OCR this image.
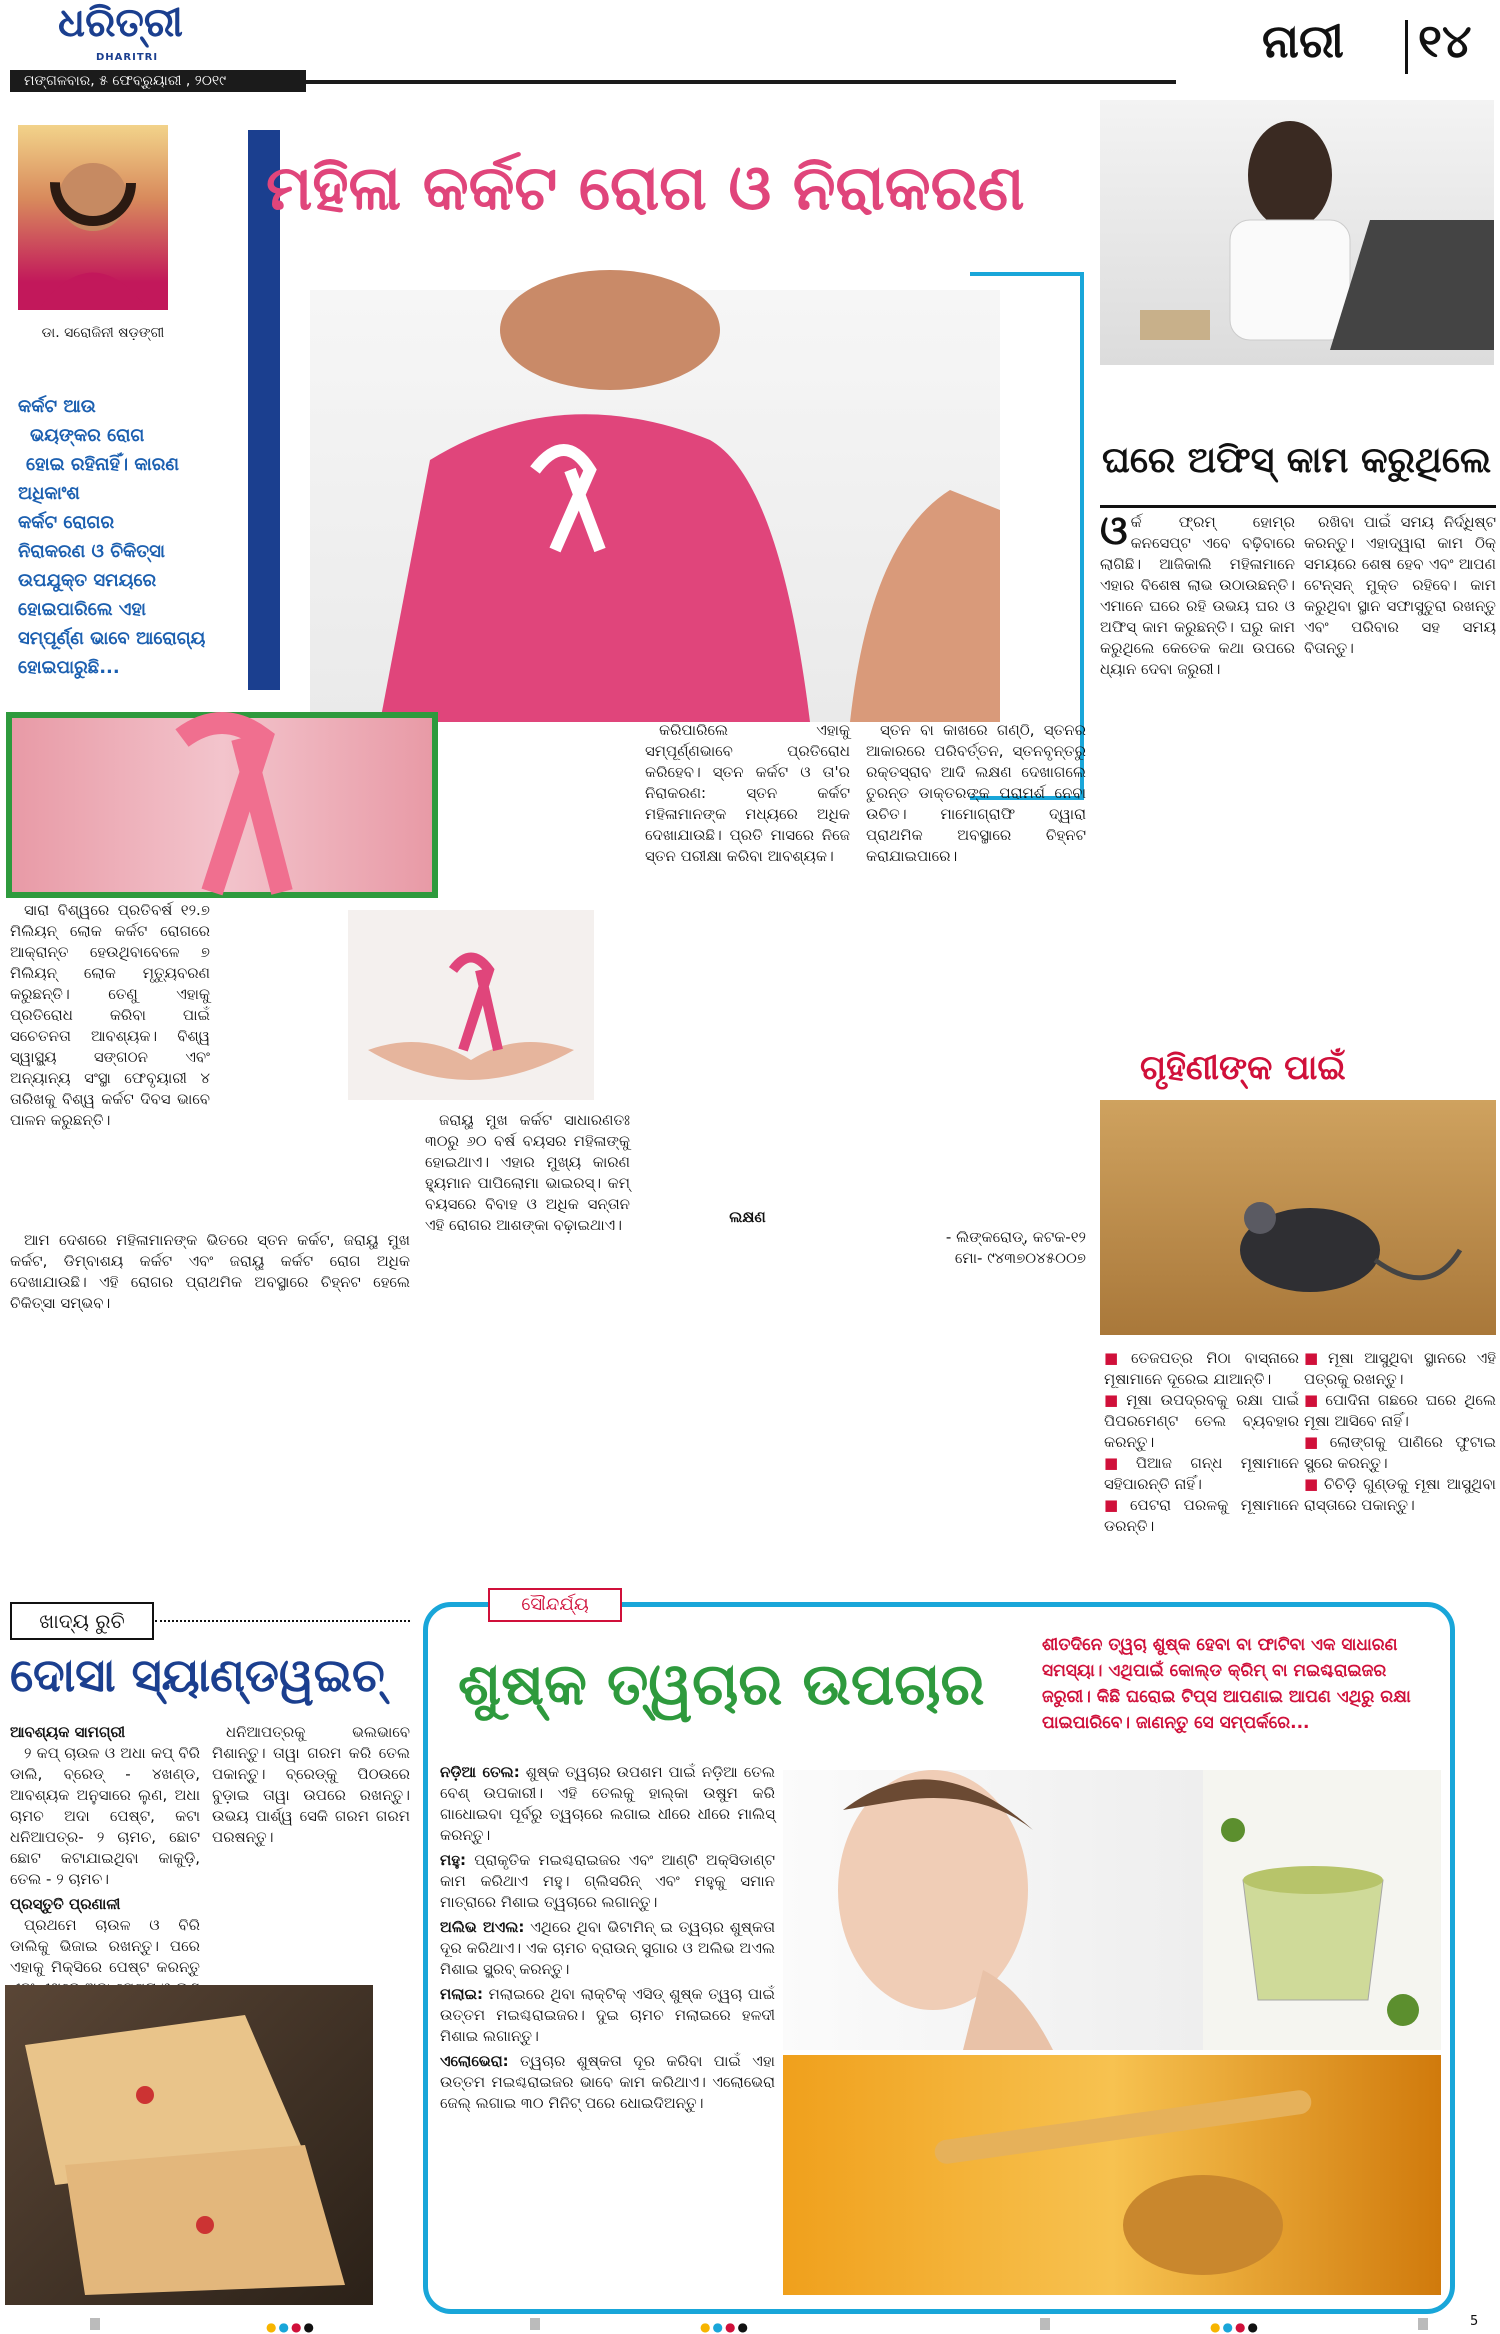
ଧରିତ୍ରୀ
DHARITRI
ମଙ୍ଗଳବାର, ୫ ଫେବ୍ରୁୟାରୀ , ୨୦୧୯
ନାରୀ ୧୪
ଡା. ସରୋଜିନୀ ଷଡ଼ଙ୍ଗୀ
କର୍କଟ ଆଉ
ଭୟଙ୍କର ରୋଗ
ହୋଇ ରହିନାହିଁ। କାରଣ
ଅଧିକାଂଶ
କର୍କଟ ରୋଗର
ନିରାକରଣ ଓ ଚିକିତ୍ସା
ଉପଯୁକ୍ତ ସମୟରେ
ହୋଇପାରିଲେ ଏହା
ସମ୍ପୂର୍ଣ୍ଣ ଭାବେ ଆରୋଗ୍ୟ
ହୋଇପାରୁଛି...
ମହିଳା କର୍କଟ ରୋଗ ଓ ନିରାକରଣ

ସାରା ବିଶ୍ୱରେ ପ୍ରତିବର୍ଷ ୧୨.୭ ମିଲିୟନ୍ ଲୋକ କର୍କଟ ରୋଗରେ ଆକ୍ରାନ୍ତ ହେଉଥିବାବେଳେ ୭ ମିଲିୟନ୍ ଲୋକ ମୃତ୍ୟୁବରଣ କରୁଛନ୍ତି। ତେଣୁ ଏହାକୁ ପ୍ରତିରୋଧ କରିବା ପାଇଁ ସଚେତନତା ଆବଶ୍ୟକ। ବିଶ୍ୱ ସ୍ୱାସ୍ଥ୍ୟ ସଙ୍ଗଠନ ଏବଂ ଅନ୍ୟାନ୍ୟ ସଂସ୍ଥା ଫେବୃୟାରୀ ୪ ତାରିଖକୁ ବିଶ୍ୱ କର୍କଟ ଦିବସ ଭାବେ ପାଳନ କରୁଛନ୍ତି।

ଆମ ଦେଶରେ ମହିଳାମାନଙ୍କ ଭିତରେ ସ୍ତନ କର୍କଟ, ଜରାୟୁ ମୁଖ କର୍କଟ, ଡିମ୍ବାଶୟ କର୍କଟ ଏବଂ ଜରାୟୁ କର୍କଟ ରୋଗ ଅଧିକ ଦେଖାଯାଉଛି। ଏହି ରୋଗର ପ୍ରାଥମିକ ଅବସ୍ଥାରେ ଚିହ୍ନଟ ହେଲେ ଚିକିତ୍ସା ସମ୍ଭବ।

ଜରାୟୁ ମୁଖ କର୍କଟ ସାଧାରଣତଃ ୩୦ରୁ ୬୦ ବର୍ଷ ବୟସର ମହିଳାଙ୍କୁ ହୋଇଥାଏ। ଏହାର ମୁଖ୍ୟ କାରଣ ହ୍ୟୁମାନ ପାପିଲୋମା ଭାଇରସ୍। କମ୍ ବୟସରେ ବିବାହ ଓ ଅଧିକ ସନ୍ତାନ ଏହି ରୋଗର ଆଶଙ୍କା ବଢ଼ାଇଥାଏ।

କରିପାରିଲେ ଏହାକୁ ସମ୍ପୂର୍ଣ୍ଣଭାବେ ପ୍ରତିରୋଧ କରିହେବ। ସ୍ତନ କର୍କଟ ଓ ତା'ର ନିରାକରଣ: ସ୍ତନ କର୍କଟ ମହିଳାମାନଙ୍କ ମଧ୍ୟରେ ଅଧିକ ଦେଖାଯାଉଛି। ପ୍ରତି ମାସରେ ନିଜେ ସ୍ତନ ପରୀକ୍ଷା କରିବା ଆବଶ୍ୟକ।

ଲକ୍ଷଣ

ସ୍ତନ ବା କାଖରେ ଗଣ୍ଠି, ସ୍ତନର ଆକାରରେ ପରିବର୍ତ୍ତନ, ସ୍ତନବୃନ୍ତରୁ ରକ୍ତସ୍ରାବ ଆଦି ଲକ୍ଷଣ ଦେଖାଗଲେ ତୁରନ୍ତ ଡାକ୍ତରଙ୍କ ପରାମର୍ଶ ନେବା ଉଚିତ। ମାମୋଗ୍ରାଫି ଦ୍ୱାରା ପ୍ରାଥମିକ ଅବସ୍ଥାରେ ଚିହ୍ନଟ କରାଯାଇପାରେ।

- ଲିଙ୍କରୋଡ୍, କଟକ-୧୨
ମୋ- ୯୪୩୭୦୪୫୦୦୭
ଘରେ ଅଫିସ୍ କାମ କରୁଥିଲେ

ଓର୍କ ଫ୍ରମ୍ ହୋମ୍ର କନସେପ୍ଟ ଏବେ ବଢ଼ିବାରେ ଲାଗିଛି। ଆଜିକାଲି ମହିଳାମାନେ ଏହାର ବିଶେଷ ଲାଭ ଉଠାଉଛନ୍ତି। ଏମାନେ ଘରେ ରହି ଉଭୟ ଘର ଓ ଅଫିସ୍ କାମ କରୁଛନ୍ତି। ଘରୁ କାମ କରୁଥିଲେ କେତେକ କଥା ଉପରେ ଧ୍ୟାନ ଦେବା ଜରୁରୀ।

ରଖିବା ପାଇଁ ସମୟ ନିର୍ଦ୍ଧିଷ୍ଟ କରନ୍ତୁ। ଏହାଦ୍ୱାରା କାମ ଠିକ୍ ସମୟରେ ଶେଷ ହେବ ଏବଂ ଆପଣ ଟେନ୍ସନ୍ ମୁକ୍ତ ରହିବେ। କାମ କରୁଥିବା ସ୍ଥାନ ସଫାସୁତୁରା ରଖନ୍ତୁ ଏବଂ ପରିବାର ସହ ସମୟ ବିତାନ୍ତୁ।

ଗୃହିଣୀଙ୍କ ପାଇଁ
■ ତେଜପତ୍ର ମିଠା ବାସ୍ନାରେ ମୂଷାମାନେ ଦୂରେଇ ଯାଆନ୍ତି।
■ ମୂଷା ଉପଦ୍ରବକୁ ରକ୍ଷା ପାଇଁ ପିପରମେଣ୍ଟ ତେଲ ବ୍ୟବହାର କରନ୍ତୁ।
■ ପିଆଜ ଗନ୍ଧ ମୂଷାମାନେ ସହିପାରନ୍ତି ନାହିଁ।
■ ପେଟରା ପରଳକୁ ମୂଷାମାନେ ଡରନ୍ତି।
■ ମୂଷା ଆସୁଥିବା ସ୍ଥାନରେ ଏହି ପତ୍ରକୁ ରଖନ୍ତୁ।
■ ପୋଦିନା ଗଛରେ ଘରେ ଥିଲେ ମୂଷା ଆସିବେ ନାହିଁ।
■ ଲୋଙ୍ଗକୁ ପାଣିରେ ଫୁଟାଇ ସ୍ପ୍ରେ କରନ୍ତୁ।
■ ଚିଚିଡ଼ି ଗୁଣ୍ଡକୁ ମୂଷା ଆସୁଥିବା ରାସ୍ତାରେ ପକାନ୍ତୁ।
ଖାଦ୍ୟ ରୁଚି
ଦୋସା ସ୍ୟାଣ୍ଡୱଇଚ୍
ଆବଶ୍ୟକ ସାମଗ୍ରୀ

୨ କପ୍ ଚାଉଳ ଓ ଅଧା କପ୍ ବିରି ଡାଲି, ବ୍ରେଡ୍ - ୪ଖଣ୍ଡ, ଆବଶ୍ୟକ ଅନୁସାରେ ଲୁଣ, ଅଧା ଚାମଚ ଅଦା ପେଷ୍ଟ, କଟା ଧନିଆପତ୍ର- ୨ ଚାମଚ, ଛୋଟ ଛୋଟ କଟାଯାଇଥିବା କାକୁଡ଼ି, ତେଲ - ୨ ଚାମଚ।

ପ୍ରସ୍ତୁତି ପ୍ରଣାଳୀ

ପ୍ରଥମେ ଚାଉଳ ଓ ବିରି ଡାଲିକୁ ଭିଜାଇ ରଖନ୍ତୁ। ପରେ ଏହାକୁ ମିକ୍ସିରେ ପେଷ୍ଟ କରନ୍ତୁ

ଧନିଆପତ୍ରକୁ ଭଲଭାବେ ମିଶାନ୍ତୁ। ତାୱା ଗରମ କରି ତେଲ ପକାନ୍ତୁ। ବ୍ରେଡ୍କୁ ପିଠଉରେ ବୁଡ଼ାଇ ତାୱା ଉପରେ ରଖନ୍ତୁ। ଉଭୟ ପାର୍ଶ୍ୱ ସେକି ଗରମ ଗରମ ପରଷନ୍ତୁ।

ସୌନ୍ଦର୍ଯ୍ୟ
ଶୁଷ୍କ ତ୍ୱଚାର ଉପଚାର
ଶୀତଦିନେ ତ୍ୱଚା ଶୁଷ୍କ ହେବା ବା ଫାଟିବା ଏକ ସାଧାରଣ ସମସ୍ୟା। ଏଥିପାଇଁ କୋଲ୍ଡ କ୍ରିମ୍ ବା ମଇଶ୍ଚରାଇଜର ଜରୁରୀ। କିଛି ଘରୋଇ ଟିପ୍ସ ଆପଣାଇ ଆପଣ ଏଥିରୁ ରକ୍ଷା ପାଇପାରିବେ। ଜାଣନ୍ତୁ ସେ ସମ୍ପର୍କରେ...

ନଡ଼ିଆ ତେଲ: ଶୁଷ୍କ ତ୍ୱଚାର ଉପଶମ ପାଇଁ ନଡ଼ିଆ ତେଲ ବେଶ୍ ଉପକାରୀ। ଏହି ତେଲକୁ ହାଲ୍କା ଉଷୁମ କରି ଗାଧୋଇବା ପୂର୍ବରୁ ତ୍ୱଚାରେ ଲଗାଇ ଧୀରେ ଧୀରେ ମାଲିସ୍ କରନ୍ତୁ।

ମହୁ: ପ୍ରାକୃତିକ ମଇଶ୍ଚରାଇଜର ଏବଂ ଆଣ୍ଟି ଅକ୍ସିଡାଣ୍ଟ କାମ କରିଥାଏ ମହୁ। ଗ୍ଲିସରିନ୍ ଏବଂ ମହୁକୁ ସମାନ ମାତ୍ରାରେ ମିଶାଇ ତ୍ୱଚାରେ ଲଗାନ୍ତୁ।

ଅଲିଭ ଅଏଲ: ଏଥିରେ ଥିବା ଭିଟାମିନ୍ ଇ ତ୍ୱଚାର ଶୁଷ୍କତା ଦୂର କରିଥାଏ। ଏକ ଚାମଚ ବ୍ରାଉନ୍ ସୁଗାର ଓ ଅଲିଭ ଅଏଲ ମିଶାଇ ସ୍କ୍ରବ୍ କରନ୍ତୁ।

ମଲାଇ: ମଲାଇରେ ଥିବା ଲାକ୍ଟିକ୍ ଏସିଡ୍ ଶୁଷ୍କ ତ୍ୱଚା ପାଇଁ ଉତ୍ତମ ମଇଶ୍ଚରାଇଜର। ଦୁଇ ଚାମଚ ମଲାଇରେ ହଳଦୀ ମିଶାଇ ଲଗାନ୍ତୁ।

ଏଲୋଭେରା: ତ୍ୱଚାର ଶୁଷ୍କତା ଦୂର କରିବା ପାଇଁ ଏହା ଉତ୍ତମ ମଇଶ୍ଚରାଇଜର ଭାବେ କାମ କରିଥାଏ। ଏଲୋଭେରା ଜେଲ୍ ଲଗାଇ ୩୦ ମିନିଟ୍ ପରେ ଧୋଇଦିଅନ୍ତୁ।

●●●●	●●●●	●●●●	5
